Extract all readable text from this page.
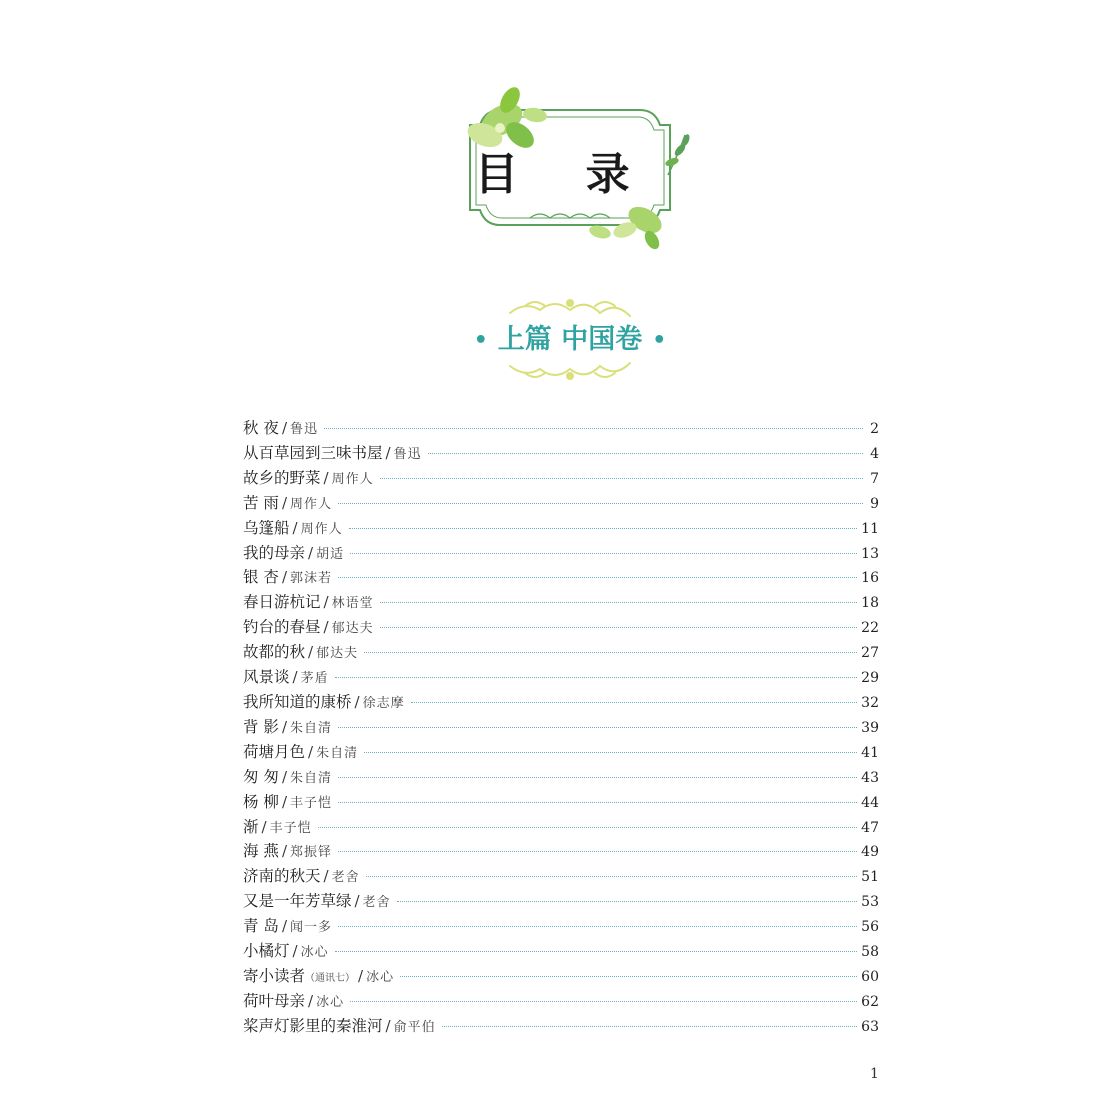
目 录
• 上篇 中国卷 •
秋 夜 / 鲁迅	2
从百草园到三味书屋 / 鲁迅	4
故乡的野菜 / 周作人	7
苦 雨 / 周作人	9
乌篷船 / 周作人	11
我的母亲 / 胡适	13
银 杏 / 郭沫若	16
春日游杭记 / 林语堂	18
钓台的春昼 / 郁达夫	22
故都的秋 / 郁达夫	27
风景谈 / 茅盾	29
我所知道的康桥 / 徐志摩	32
背 影 / 朱自清	39
荷塘月色 / 朱自清	41
匆 匆 / 朱自清	43
杨 柳 / 丰子恺	44
渐 / 丰子恺	47
海 燕 / 郑振铎	49
济南的秋天 / 老舍	51
又是一年芳草绿 / 老舍	53
青 岛 / 闻一多	56
小橘灯 / 冰心	58
寄小读者 （通讯七） / 冰心	60
荷叶母亲 / 冰心	62
桨声灯影里的秦淮河 / 俞平伯	63
1
